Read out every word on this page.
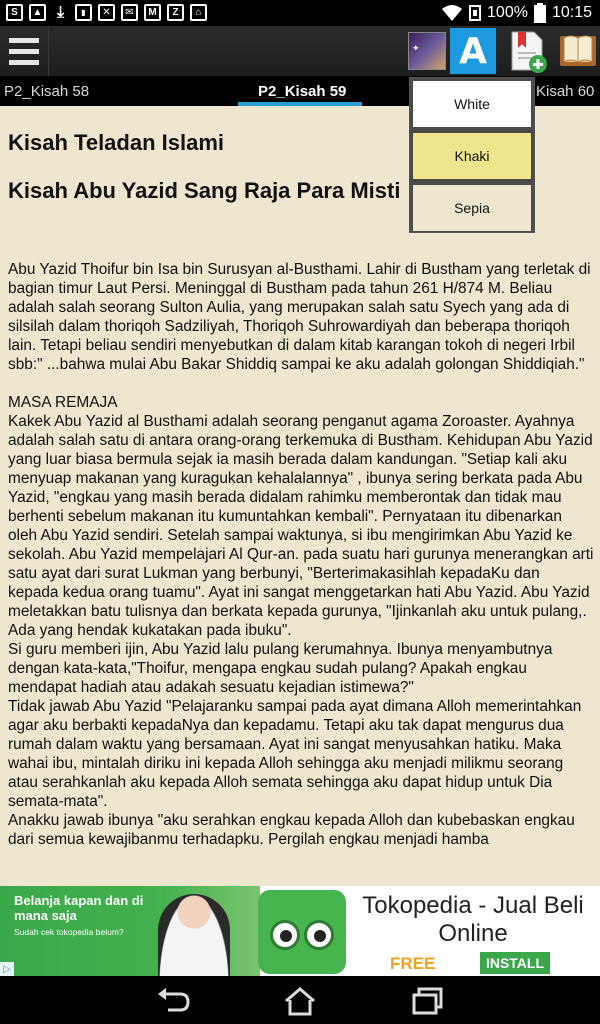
S	▲ ⤓	▮	✕	✉	M	Z	⌂	100% 10:15
✦ A
P2_Kisah 58	P2_Kisah 59	Kisah 60
Kisah Teladan Islami
Kisah Abu Yazid Sang Raja Para Misti
Abu Yazid Thoifur bin Isa bin Surusyan al-Busthami. Lahir di Bustham yang terletak di bagian timur Laut Persi. Meninggal di Bustham pada tahun 261 H/874 M. Beliau adalah salah seorang Sulton Aulia, yang merupakan salah satu Syech yang ada di silsilah dalam thoriqoh Sadziliyah, Thoriqoh Suhrowardiyah dan beberapa thoriqoh lain. Tetapi beliau sendiri menyebutkan di dalam kitab karangan tokoh di negeri Irbil sbb:" ...bahwa mulai Abu Bakar Shiddiq sampai ke aku adalah golongan Shiddiqiah."

MASA REMAJA
Kakek Abu Yazid al Busthami adalah seorang penganut agama Zoroaster. Ayahnya adalah salah satu di antara orang-orang terkemuka di Bustham. Kehidupan Abu Yazid yang luar biasa bermula sejak ia masih berada dalam kandungan. "Setiap kali aku menyuap makanan yang kuragukan kehalalannya" , ibunya sering berkata pada Abu Yazid, "engkau yang masih berada didalam rahimku memberontak dan tidak mau berhenti sebelum makanan itu kumuntahkan kembali". Pernyataan itu dibenarkan oleh Abu Yazid sendiri. Setelah sampai waktunya, si ibu mengirimkan Abu Yazid ke sekolah. Abu Yazid mempelajari Al Qur-an. pada suatu hari gurunya menerangkan arti satu ayat dari surat Lukman yang berbunyi, "Berterimakasihlah kepadaKu dan kepada kedua orang tuamu". Ayat ini sangat menggetarkan hati Abu Yazid. Abu Yazid meletakkan batu tulisnya dan berkata kepada gurunya, "Ijinkanlah aku untuk pulang,. Ada yang hendak kukatakan pada ibuku".
Si guru memberi ijin, Abu Yazid lalu pulang kerumahnya. Ibunya menyambutnya dengan kata-kata,"Thoifur, mengapa engkau sudah pulang? Apakah engkau mendapat hadiah atau adakah sesuatu kejadian istimewa?"
Tidak jawab Abu Yazid "Pelajaranku sampai pada ayat dimana Alloh memerintahkan agar aku berbakti kepadaNya dan kepadamu. Tetapi aku tak dapat mengurus dua rumah dalam waktu yang bersamaan. Ayat ini sangat menyusahkan hatiku. Maka wahai ibu, mintalah diriku ini kepada Alloh sehingga aku menjadi milikmu seorang atau serahkanlah aku kepada Alloh semata sehingga aku dapat hidup untuk Dia semata-mata".
Anakku jawab ibunya "aku serahkan engkau kepada Alloh dan kubebaskan engkau dari semua kewajibanmu terhadapku. Pergilah engkau menjadi hamba
White
Khaki
Sepia
Belanja kapan dan di mana saja
Sudah cek tokopedia belum?
Tokopedia - Jual Beli Online
FREE	INSTALL
▷
